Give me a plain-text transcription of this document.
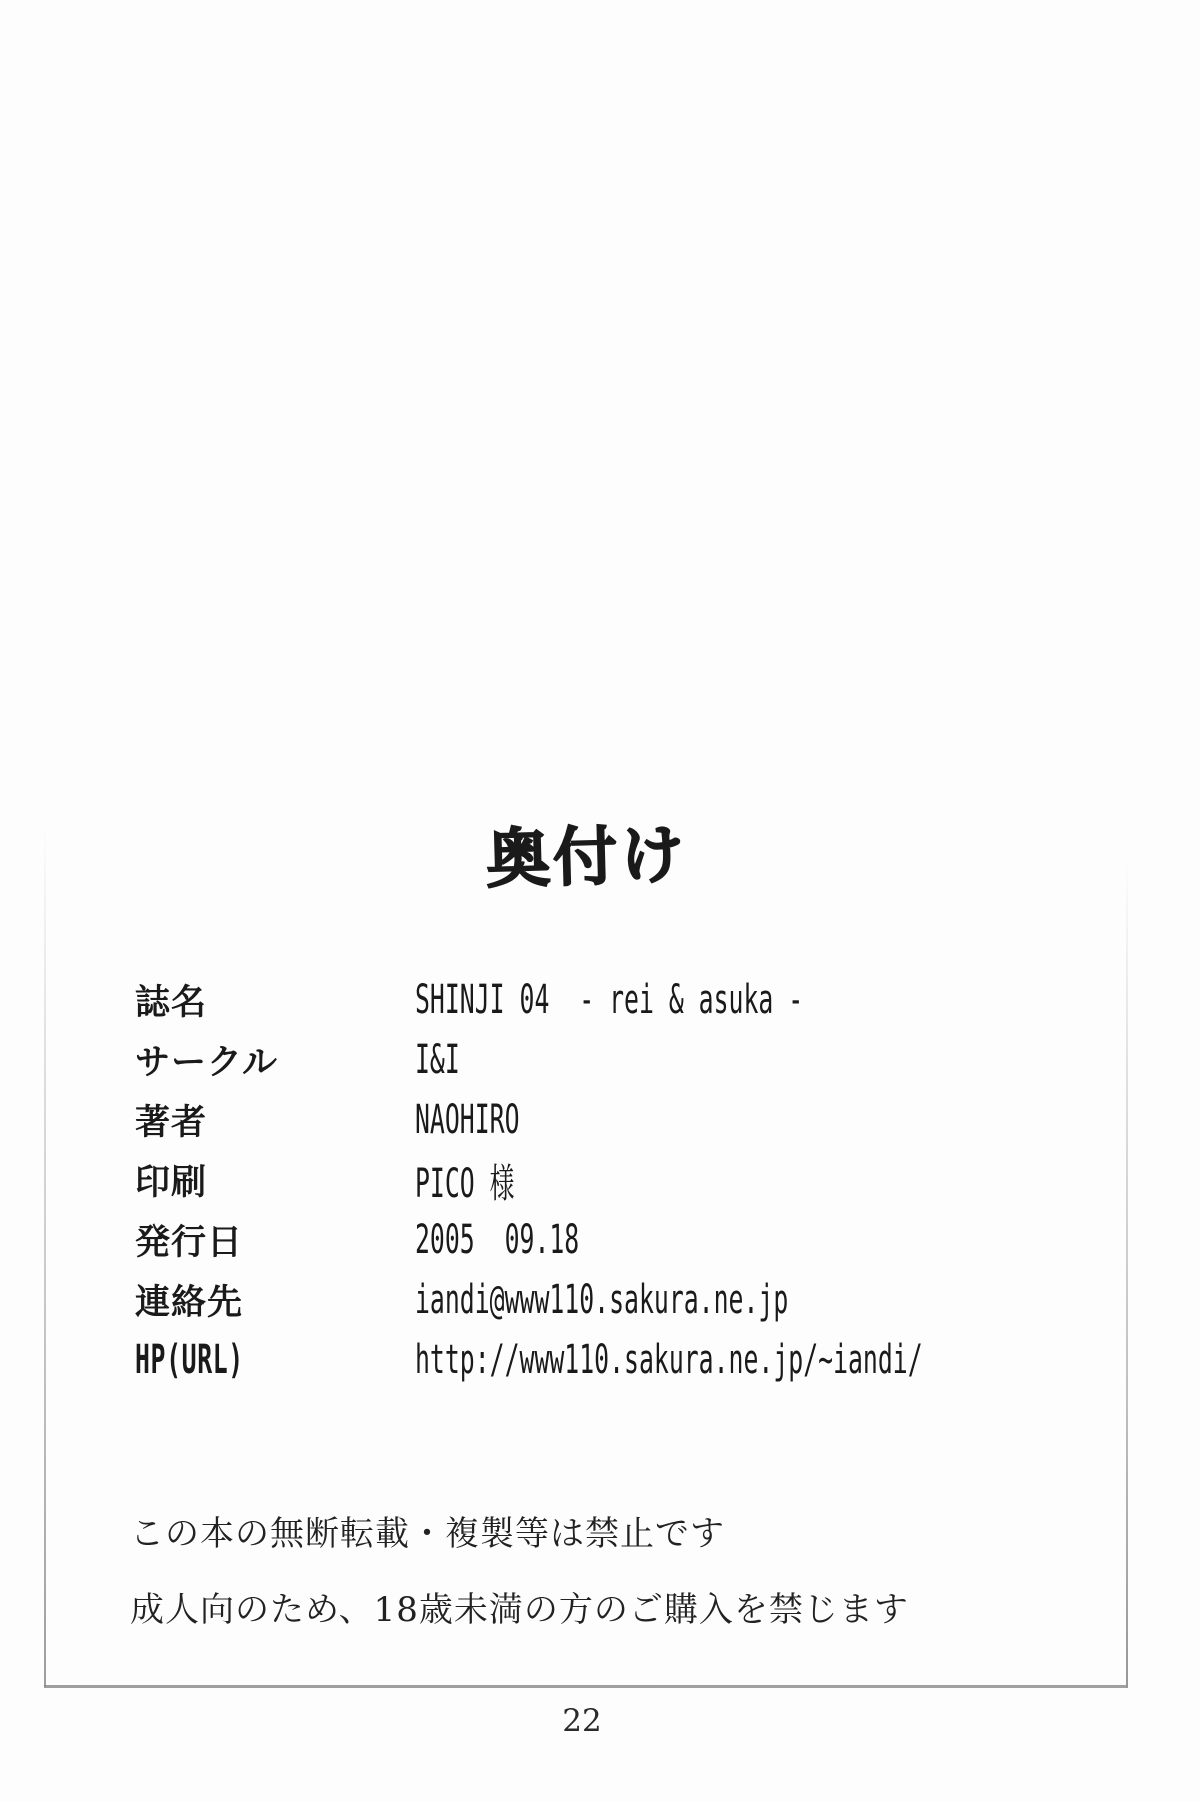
奥付け
誌名	SHINJI 04  - rei & asuka -
サークル	I&I
著者	NAOHIRO
印刷	PICO 様
発行日	2005  09.18
連絡先	iandi@www110.sakura.ne.jp
HP(URL)	http://www110.sakura.ne.jp/~iandi/
この本の無断転載・複製等は禁止です
成人向のため、18歳未満の方のご購入を禁じます
22
